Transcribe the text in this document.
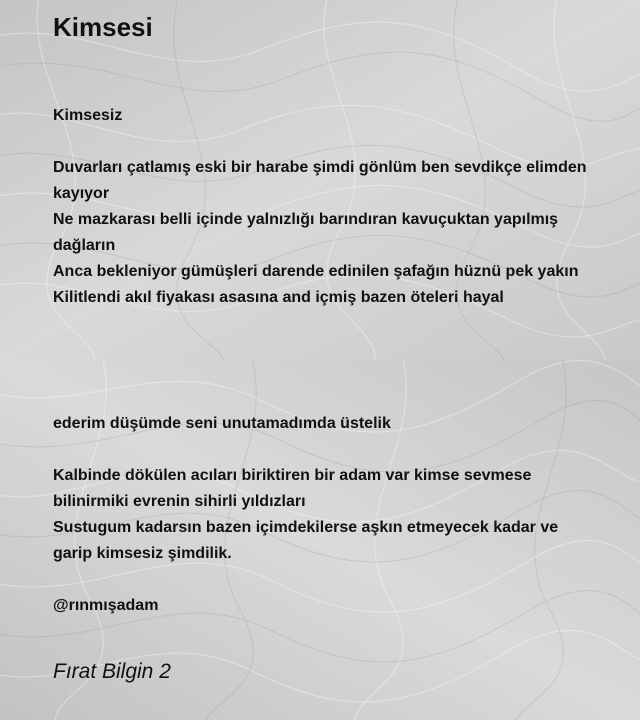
Kimsesi
Kimsesiz
Duvarları çatlamış eski bir harabe şimdi gönlüm ben sevdikçe elimden
kayıyor
Ne mazkarası belli içinde yalnızlığı barındıran kavuçuktan yapılmış
dağların
Anca bekleniyor gümüşleri darende edinilen şafağın hüznü pek yakın
Kilitlendi akıl fiyakası asasına and içmiş bazen öteleri hayal
ederim düşümde seni unutamadımda üstelik
Kalbinde dökülen acıları biriktiren bir adam var kimse sevmese
bilinirmiki evrenin sihirli yıldızları
Sustugum kadarsın bazen içimdekilerse aşkın etmeyecek kadar ve
garip kimsesiz şimdilik.
@rınmışadam
Fırat Bilgin 2
